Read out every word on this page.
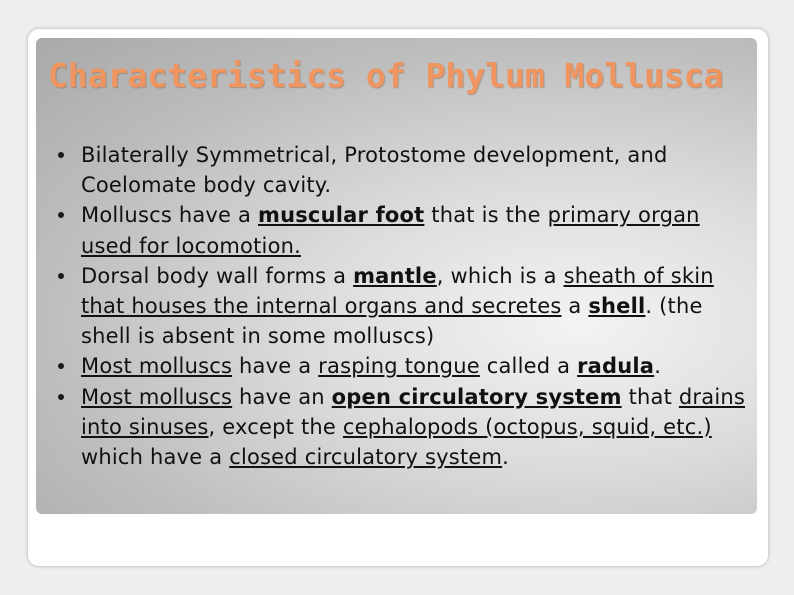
Characteristics of Phylum Mollusca
Bilaterally Symmetrical, Protostome development, and Coelomate body cavity.
Molluscs have a muscular foot that is the primary organ used for locomotion.
Dorsal body wall forms a mantle, which is a sheath of skin that houses the internal organs and secretes a shell. (the shell is absent in some molluscs)
Most molluscs have a rasping tongue called a radula.
Most molluscs have an open circulatory system that drains into sinuses, except the cephalopods (octopus, squid, etc.) which have a closed circulatory system.
